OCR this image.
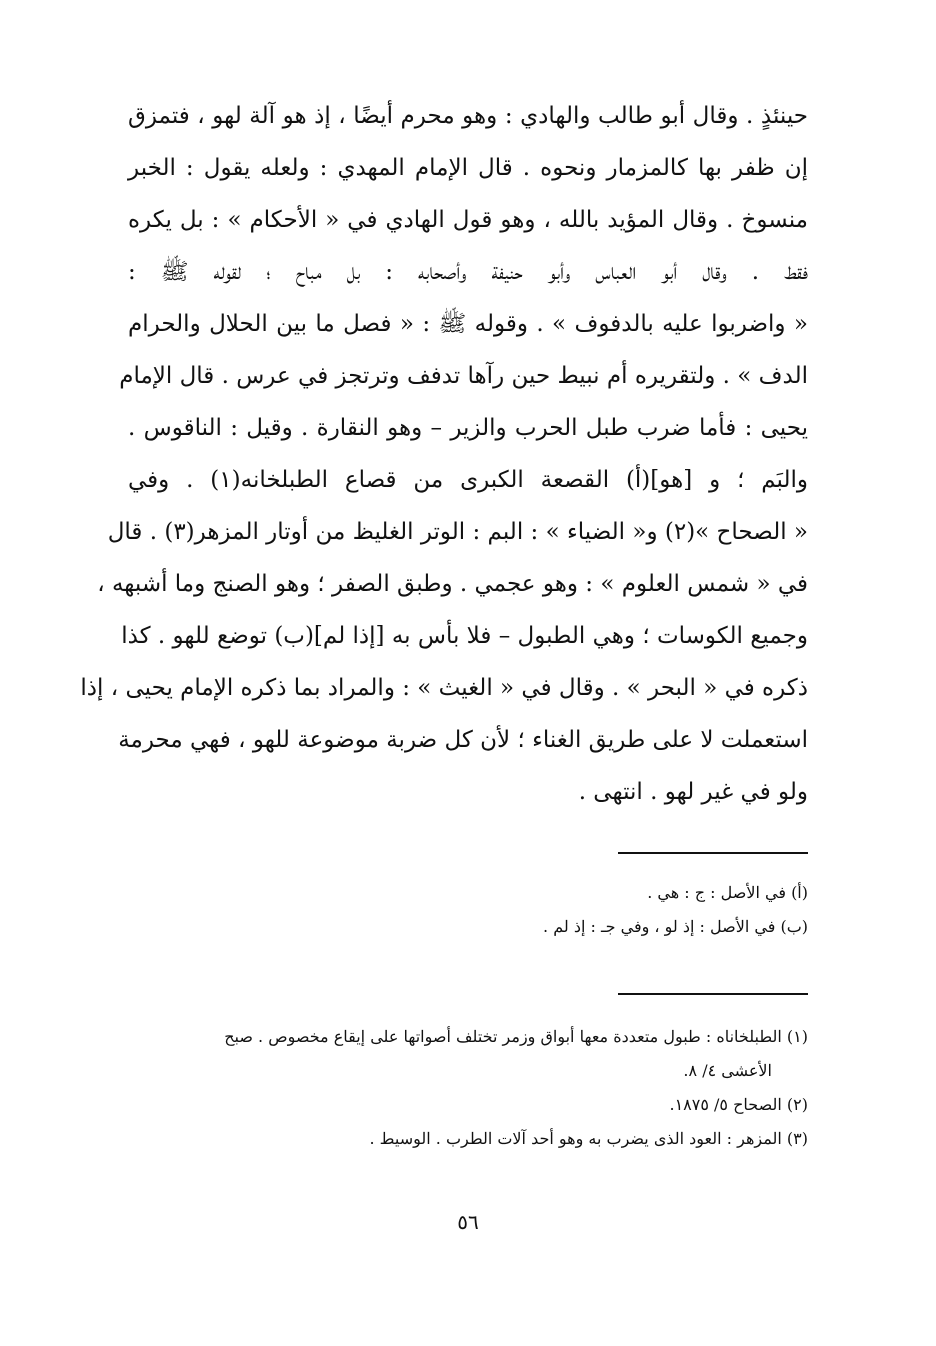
حينئذٍ . وقال أبو طالب والهادي : وهو محرم أيضًا ، إذ هو آلة لهو ، فتمزق
إن ظفر بها كالمزمار ونحوه . قال الإمام المهدي : ولعله يقول : الخبر
منسوخ . وقال المؤيد بالله ، وهو قول الهادي في « الأحكام » : بل يكره
فقط . وقال أبو العباس وأبو حنيفة وأصحابه : بل مباح ؛ لقوله ﷺ :
« واضربوا عليه بالدفوف » . وقوله ﷺ : « فصل ما بين الحلال والحرام
الدف » . ولتقريره أم نبيط حين رآها تدفف وترتجز في عرس . قال الإمام
يحيى : فأما ضرب طبل الحرب والزير – وهو النقارة . وقيل : الناقوس .
والبَم ؛ و [هو](أ) القصعة الكبرى من قصاع الطبلخانه(١) . وفي
« الصحاح »(٢) و« الضياء » : البم : الوتر الغليظ من أوتار المزهر(٣) . قال
في « شمس العلوم » : وهو عجمي . وطبق الصفر ؛ وهو الصنج وما أشبهه ،
وجميع الكوسات ؛ وهي الطبول – فلا بأس به [إذا لم](ب) توضع للهو . كذا
ذكره في « البحر » . وقال في « الغيث » : والمراد بما ذكره الإمام يحيى ، إذا
استعملت لا على طريق الغناء ؛ لأن كل ضربة موضوعة للهو ، فهي محرمة
ولو في غير لهو . انتهى .
(أ) في الأصل : ج : هي .
(ب) في الأصل : إذ لو ، وفي جـ : إذ لم .
(١) الطبلخاناه : طبول متعددة معها أبواق وزمر تختلف أصواتها على إيقاع مخصوص . صبح
الأعشى ٤/ ٨.
(٢) الصحاح ٥/ ١٨٧٥.
(٣) المزهر : العود الذى يضرب به وهو أحد آلات الطرب . الوسيط .
٥٦
